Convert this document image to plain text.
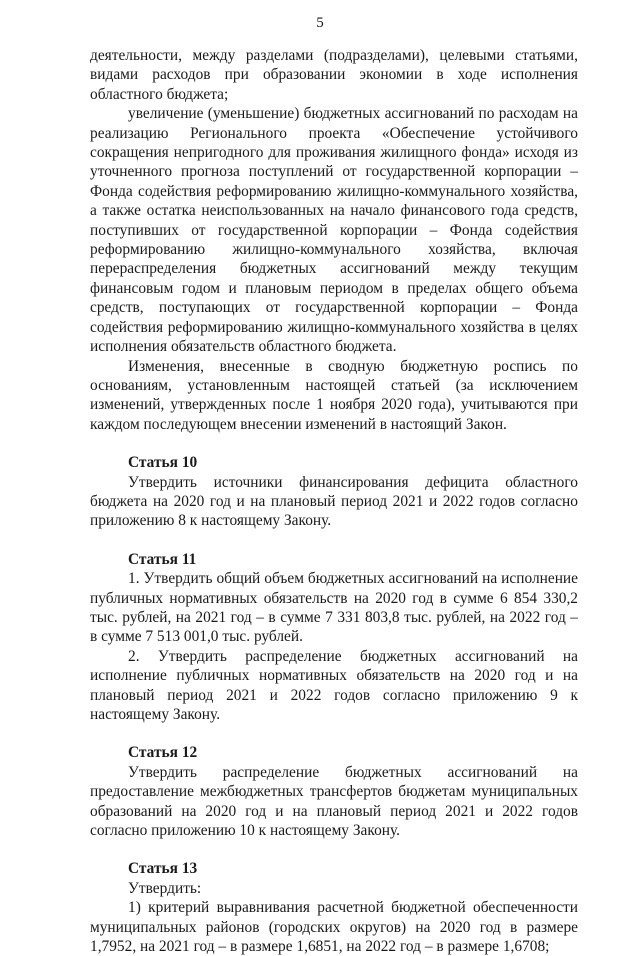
5

деятельности, между разделами (подразделами), целевыми статьями, видами расходов при образовании экономии в ходе исполнения областного бюджета;

увеличение (уменьшение) бюджетных ассигнований по расходам на реализацию Регионального проекта «Обеспечение устойчивого сокращения непригодного для проживания жилищного фонда» исходя из уточненного прогноза поступлений от государственной корпорации – Фонда содействия реформированию жилищно-коммунального хозяйства, а также остатка неиспользованных на начало финансового года средств, поступивших от государственной корпорации – Фонда содействия реформированию жилищно-коммунального хозяйства, включая перераспределения бюджетных ассигнований между текущим финансовым годом и плановым периодом в пределах общего объема средств, поступающих от государственной корпорации – Фонда содействия реформированию жилищно-коммунального хозяйства в целях исполнения обязательств областного бюджета.

Изменения, внесенные в сводную бюджетную роспись по основаниям, установленным настоящей статьей (за исключением изменений, утвержденных после 1 ноября 2020 года), учитываются при каждом последующем внесении изменений в настоящий Закон.

Статья 10

Утвердить источники финансирования дефицита областного бюджета на 2020 год и на плановый период 2021 и 2022 годов согласно приложению 8 к настоящему Закону.

Статья 11

1. Утвердить общий объем бюджетных ассигнований на исполнение публичных нормативных обязательств на 2020 год в сумме 6 854 330,2 тыс. рублей, на 2021 год – в сумме 7 331 803,8 тыс. рублей, на 2022 год – в сумме 7 513 001,0 тыс. рублей.

2. Утвердить распределение бюджетных ассигнований на исполнение публичных нормативных обязательств на 2020 год и на плановый период 2021 и 2022 годов согласно приложению 9 к настоящему Закону.

Статья 12

Утвердить распределение бюджетных ассигнований на предоставление межбюджетных трансфертов бюджетам муниципальных образований на 2020 год и на плановый период 2021 и 2022 годов согласно приложению 10 к настоящему Закону.

Статья 13

Утвердить:

1) критерий выравнивания расчетной бюджетной обеспеченности муниципальных районов (городских округов) на 2020 год в размере 1,7952, на 2021 год – в размере 1,6851, на 2022 год – в размере 1,6708;
